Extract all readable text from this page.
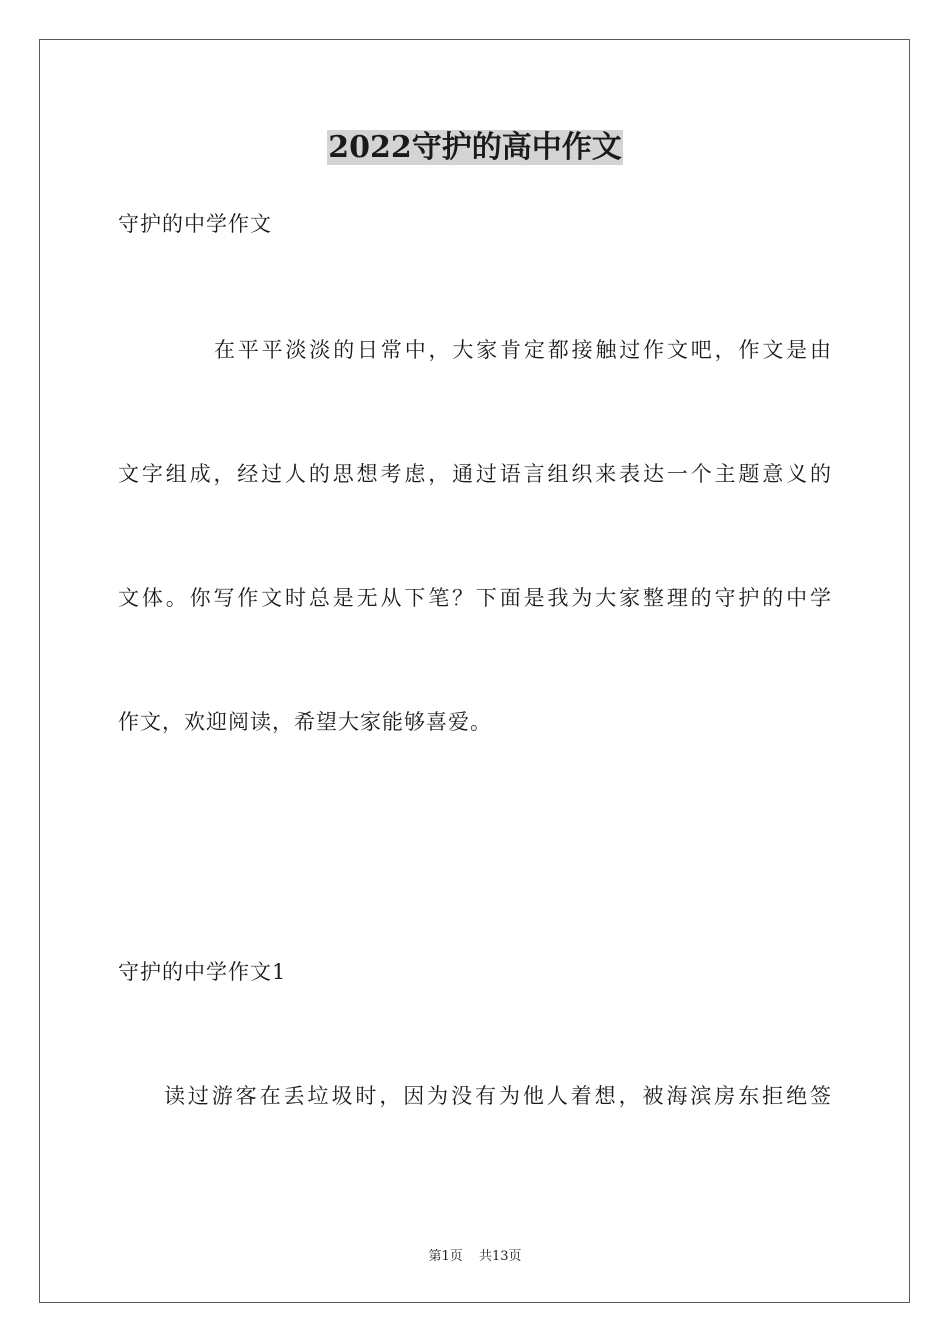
2022守护的高中作文
守护的中学作文
在平平淡淡的日常中，大家肯定都接触过作文吧，作文是由
文字组成，经过人的思想考虑，通过语言组织来表达一个主题意义的
文体。你写作文时总是无从下笔？下面是我为大家整理的守护的中学
作文，欢迎阅读，希望大家能够喜爱。
守护的中学作文1
读过游客在丢垃圾时，因为没有为他人着想，被海滨房东拒绝签
第1页 共13页
